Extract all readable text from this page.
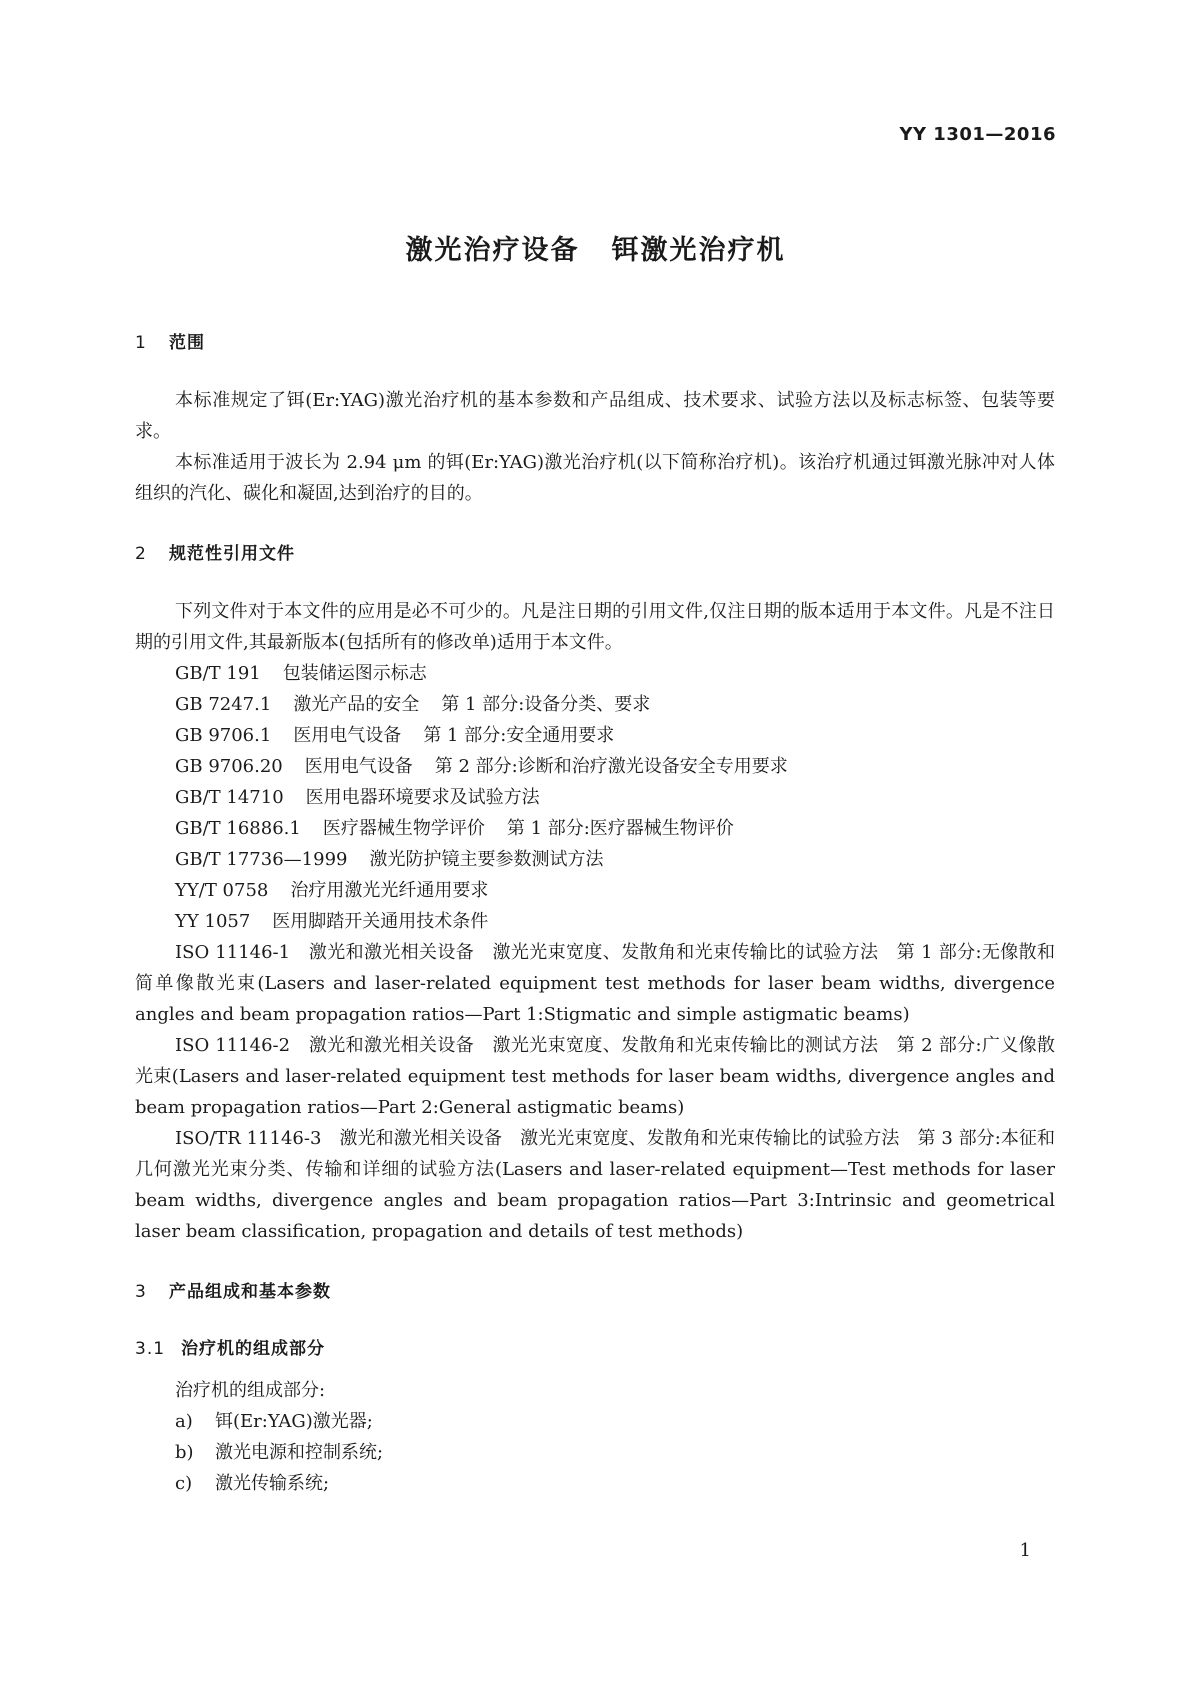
YY 1301—2016
激光治疗设备 铒激光治疗机
1 范围

本标准规定了铒(Er:YAG)激光治疗机的基本参数和产品组成、技术要求、试验方法以及标志标签、包装等要求。

本标准适用于波长为 2.94 μm 的铒(Er:YAG)激光治疗机(以下简称治疗机)。该治疗机通过铒激光脉冲对人体组织的汽化、碳化和凝固,达到治疗的目的。

2 规范性引用文件

下列文件对于本文件的应用是必不可少的。凡是注日期的引用文件,仅注日期的版本适用于本文件。凡是不注日期的引用文件,其最新版本(包括所有的修改单)适用于本文件。

GB/T 191 包装储运图示标志
GB 7247.1 激光产品的安全 第 1 部分:设备分类、要求
GB 9706.1 医用电气设备 第 1 部分:安全通用要求
GB 9706.20 医用电气设备 第 2 部分:诊断和治疗激光设备安全专用要求
GB/T 14710 医用电器环境要求及试验方法
GB/T 16886.1 医疗器械生物学评价 第 1 部分:医疗器械生物评价
GB/T 17736—1999 激光防护镜主要参数测试方法
YY/T 0758 治疗用激光光纤通用要求
YY 1057 医用脚踏开关通用技术条件

ISO 11146-1　激光和激光相关设备　激光光束宽度、发散角和光束传输比的试验方法　第 1 部分:无像散和简单像散光束(Lasers and laser-related equipment test methods for laser beam widths, divergence angles and beam propagation ratios—Part 1:Stigmatic and simple astigmatic beams)

ISO 11146-2　激光和激光相关设备　激光光束宽度、发散角和光束传输比的测试方法　第 2 部分:广义像散光束(Lasers and laser-related equipment test methods for laser beam widths, divergence angles and beam propagation ratios—Part 2:General astigmatic beams)

ISO/TR 11146-3　激光和激光相关设备　激光光束宽度、发散角和光束传输比的试验方法　第 3 部分:本征和几何激光光束分类、传输和详细的试验方法(Lasers and laser-related equipment—Test methods for laser beam widths, divergence angles and beam propagation ratios—Part 3:Intrinsic and geometrical laser beam classification, propagation and details of test methods)

3 产品组成和基本参数
3.1 治疗机的组成部分

治疗机的组成部分:

a) 铒(Er:YAG)激光器;
b) 激光电源和控制系统;
c) 激光传输系统;
1
